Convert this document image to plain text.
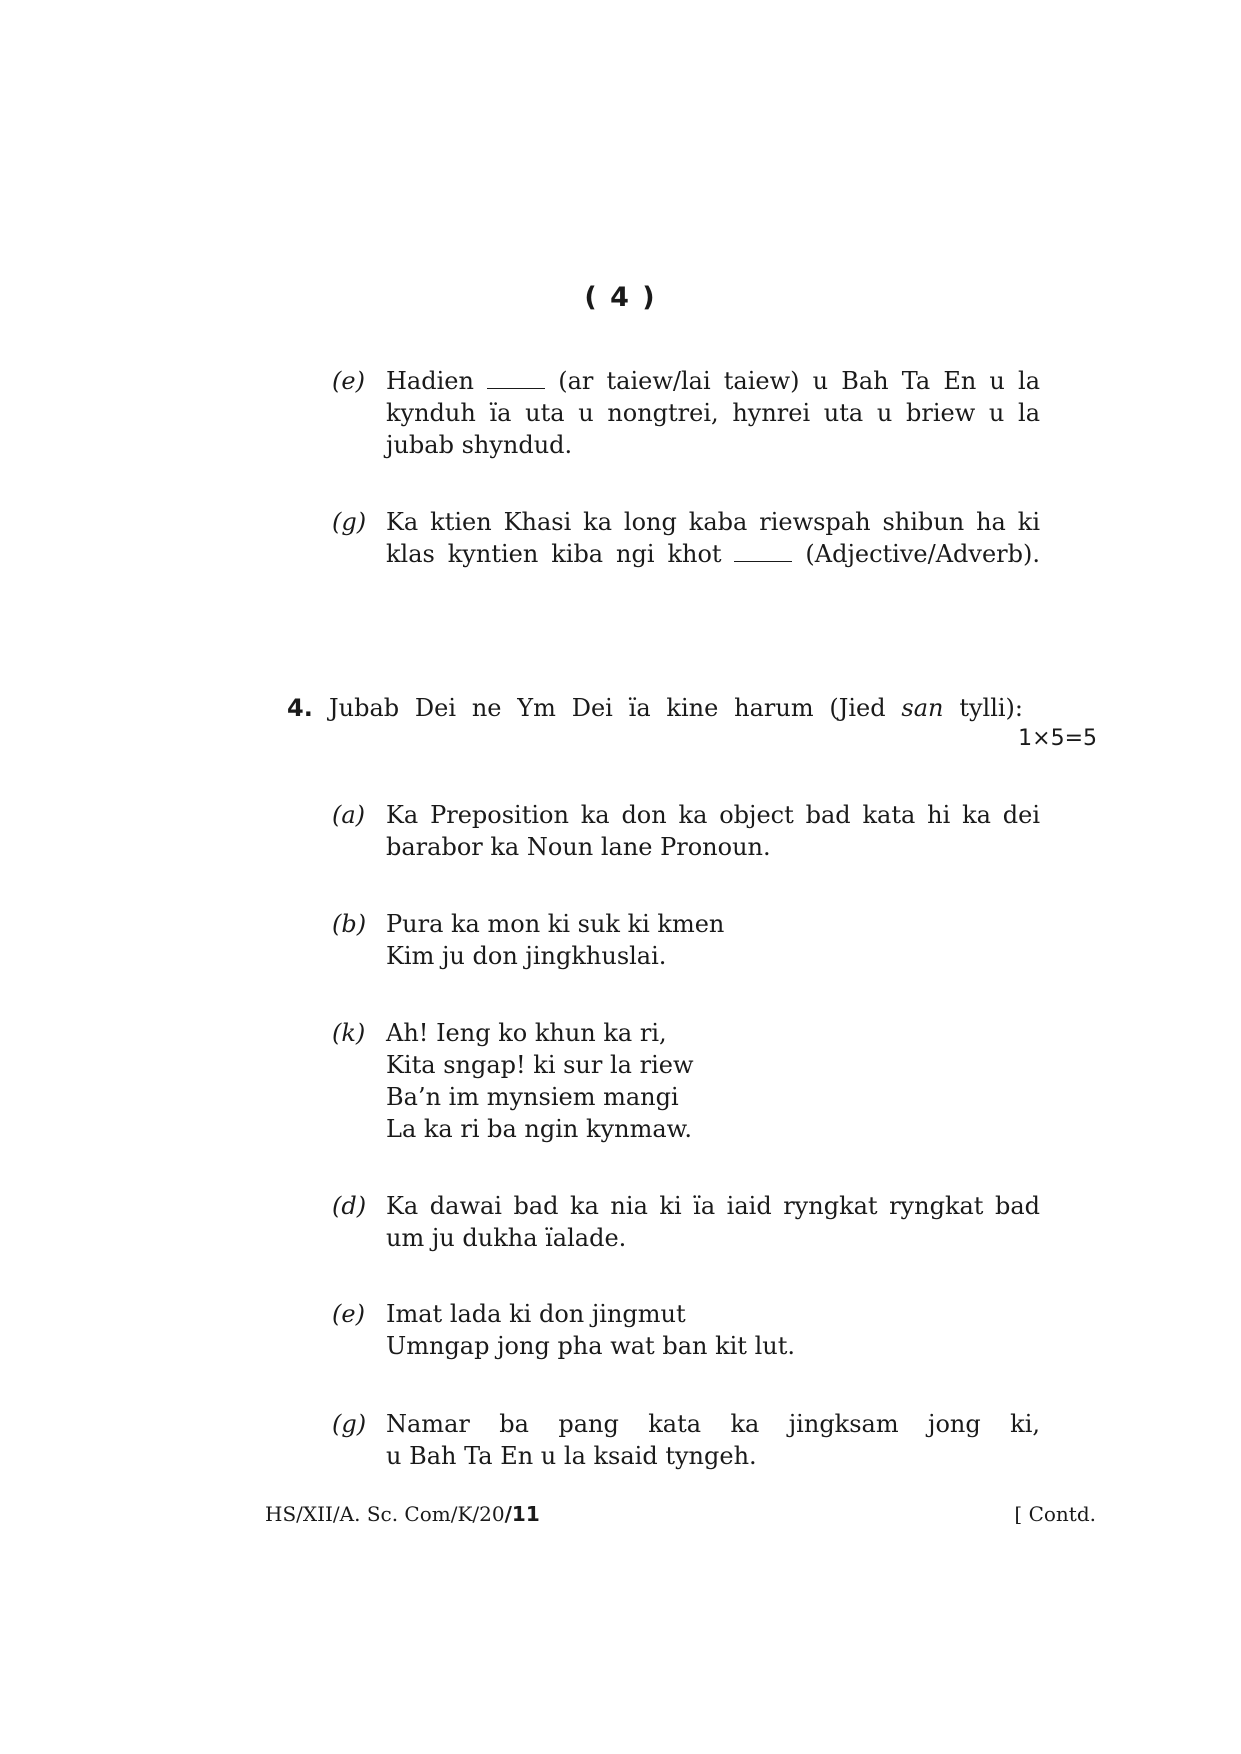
( 4 )
(e) Hadien	(ar taiew/lai taiew) u Bah Ta En u la
kynduh ïa uta u nongtrei, hynrei uta u briew u la
jubab shyndud.
(g) Ka ktien Khasi ka long kaba riewspah shibun ha ki
klas kyntien kiba ngi khot  (Adjective/Adverb).
4. Jubab Dei ne Ym Dei ïa kine harum (Jied san tylli):
1×5=5
(a) Ka Preposition ka don ka object bad kata hi ka dei
barabor ka Noun lane Pronoun.
(b) Pura ka mon ki suk ki kmen
Kim ju don jingkhuslai.
(k) Ah! Ieng ko khun ka ri,
Kita sngap! ki sur la riew
Ba’n im mynsiem mangi
La ka ri ba ngin kynmaw.
(d) Ka dawai bad ka nia ki ïa iaid ryngkat ryngkat bad
um ju dukha ïalade.
(e) Imat lada ki don jingmut
Umngap jong pha wat ban kit lut.
(g) Namar ba pang kata ka jingksam jong ki,
u Bah Ta En u la ksaid tyngeh.
HS/XII/A. Sc. Com/K/20/11	[ Contd.
